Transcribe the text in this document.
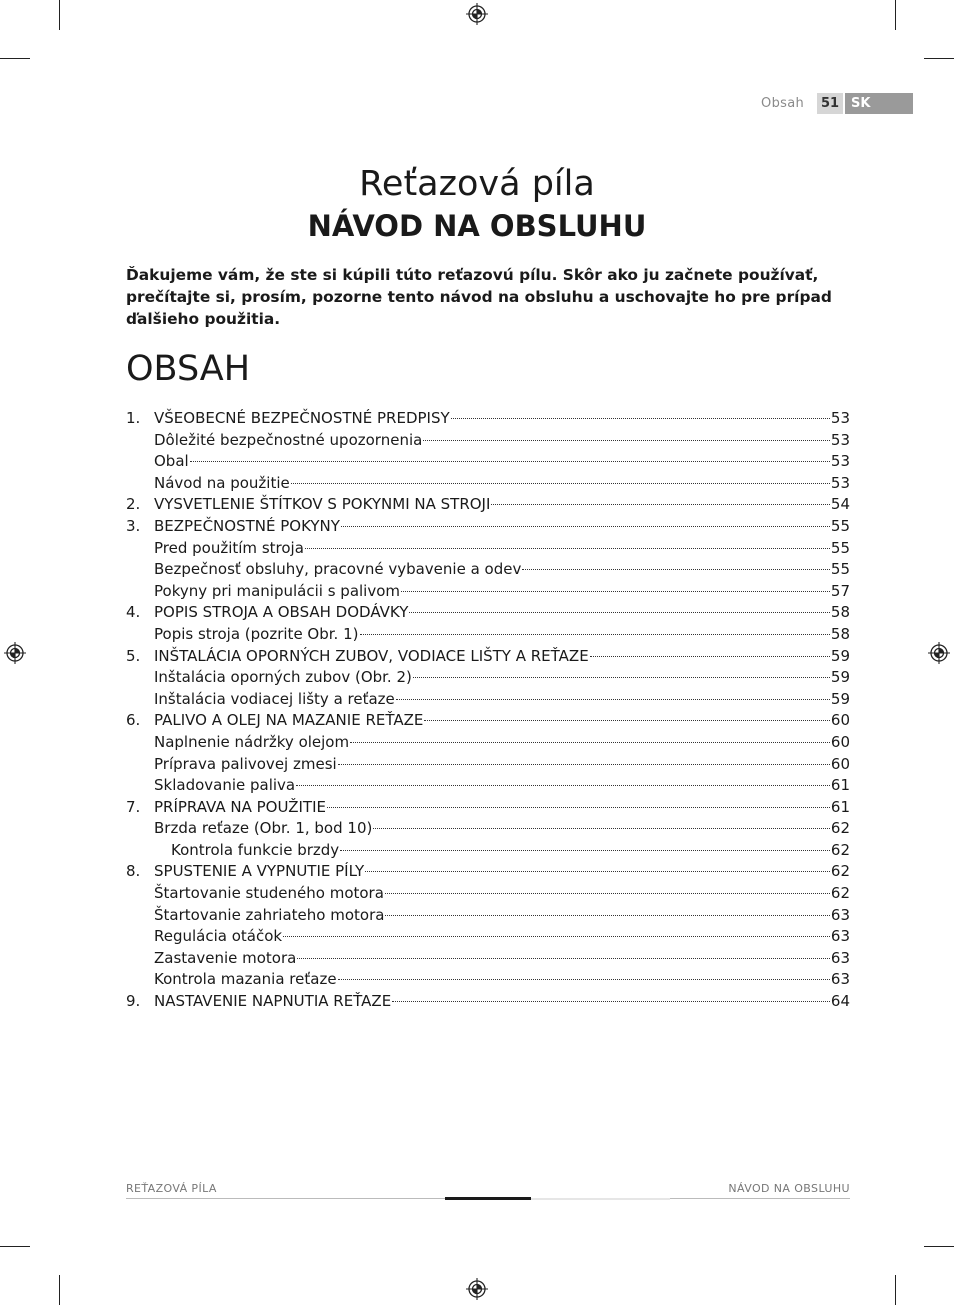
Obsah	51 SK
Reťazová píla
NÁVOD NA OBSLUHU
Ďakujeme vám, že ste si kúpili túto reťazovú pílu. Skôr ako ju začnete používať, prečítajte si, prosím, pozorne tento návod na obsluhu a uschovajte ho pre prípad ďalšieho použitia.
OBSAH
1. VŠEOBECNÉ BEZPEČNOSTNÉ PREDPISY	53
Dôležité bezpečnostné upozornenia	53
Obal	53
Návod na použitie	53
2. VYSVETLENIE ŠTÍTKOV S POKYNMI NA STROJI	54
3. BEZPEČNOSTNÉ POKYNY	55
Pred použitím stroja	55
Bezpečnosť obsluhy, pracovné vybavenie a odev	55
Pokyny pri manipulácii s palivom	57
4. POPIS STROJA A OBSAH DODÁVKY	58
Popis stroja (pozrite Obr. 1)	58
5. INŠTALÁCIA OPORNÝCH ZUBOV, VODIACE LIŠTY A REŤAZE	59
Inštalácia oporných zubov (Obr. 2)	59
Inštalácia vodiacej lišty a reťaze	59
6. PALIVO A OLEJ NA MAZANIE REŤAZE	60
Naplnenie nádržky olejom	60
Príprava palivovej zmesi	60
Skladovanie paliva	61
7. PRÍPRAVA NA POUŽITIE	61
Brzda reťaze (Obr. 1, bod 10)	62
Kontrola funkcie brzdy	62
8. SPUSTENIE A VYPNUTIE PÍLY	62
Štartovanie studeného motora	62
Štartovanie zahriateho motora	63
Regulácia otáčok	63
Zastavenie motora	63
Kontrola mazania reťaze	63
9. NASTAVENIE NAPNUTIA REŤAZE	64
REŤAZOVÁ PÍLA	NÁVOD NA OBSLUHU
